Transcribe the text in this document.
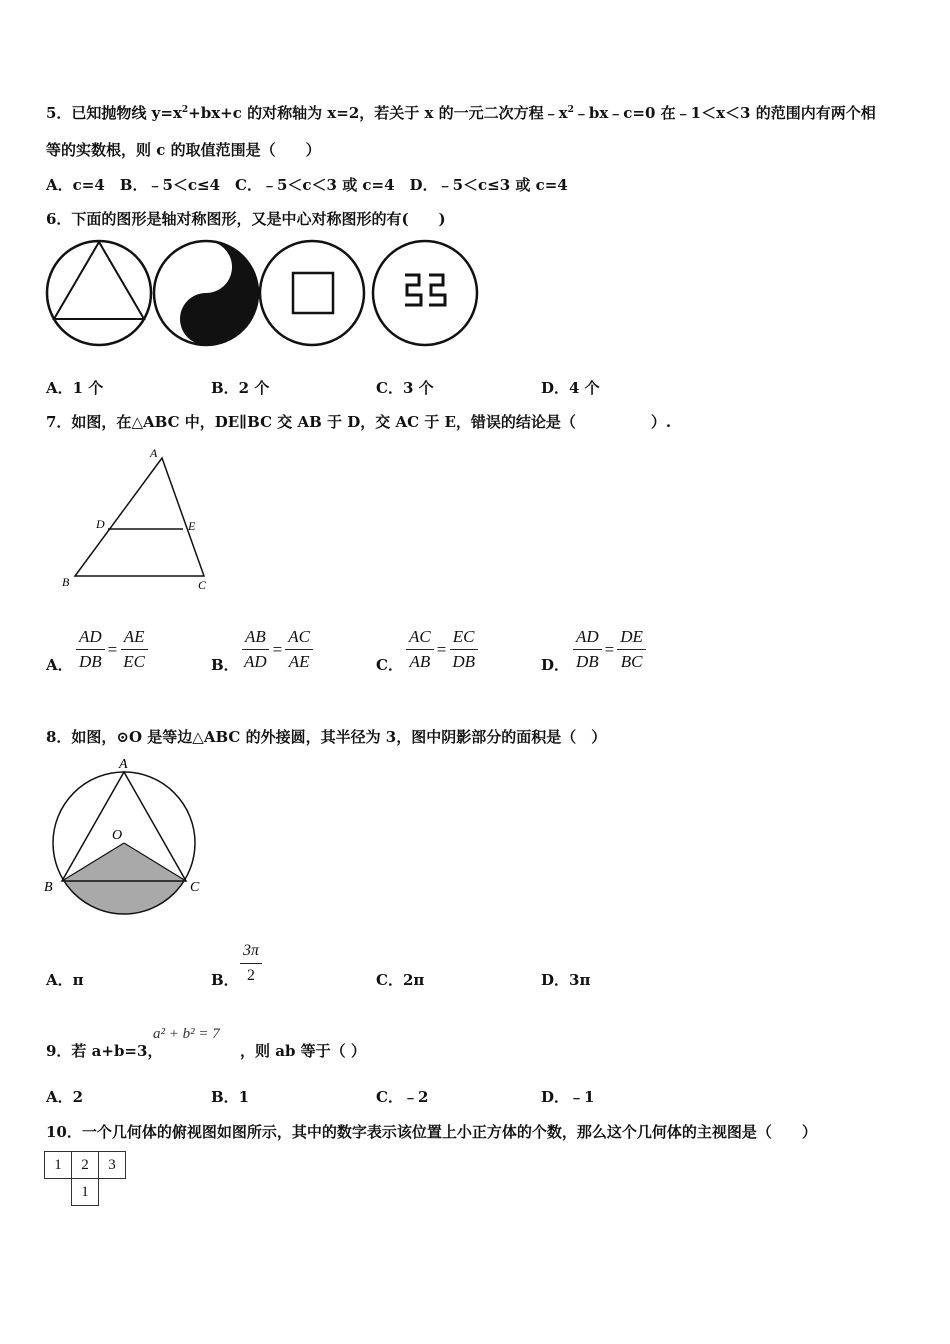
5．已知抛物线 $y=x^2+bx+c$ 的对称轴为 x=2，若关于 x 的一元二次方程$﹣x^2﹣bx﹣c=0$ 在﹣1＜x＜3 的范围内有两个相
等的实数根，则 c 的取值范围是（　　）
A．c=4　B．﹣5＜c≤4　C．﹣5＜c＜3 或 c=4　D．﹣5＜c≤3 或 c=4
6．下面的图形是轴对称图形，又是中心对称图形的有(　　)
A．1 个	B．2 个	C．3 个	D．4 个
7．如图，在△ABC 中，DE∥BC 交 AB 于 D，交 AC 于 E，错误的结论是（　　　　　）.
A
D	E
B	C
A． $\frac{AD}{DB} = \frac{AE}{EC}$	B． $\frac{AB}{AD} = \frac{AC}{AE}$	C． $\frac{AC}{AB} = \frac{EC}{DB}$	D． $\frac{AD}{DB} = \frac{DE}{BC}$
8．如图，⊙O 是等边△ABC 的外接圆，其半径为 3，图中阴影部分的面积是（　）
A
O
B	C
A．π	B． $\frac{3\pi}{2}$	C．2π	D．3π
9．若 a+b=3，
a² + b² = 7
，则 ab 等于（ ）
A．2	B．1	C．﹣2	D．﹣1
10．一个几何体的俯视图如图所示，其中的数字表示该位置上小正方体的个数，那么这个几何体的主视图是（　　）
1	2	3
	1	
